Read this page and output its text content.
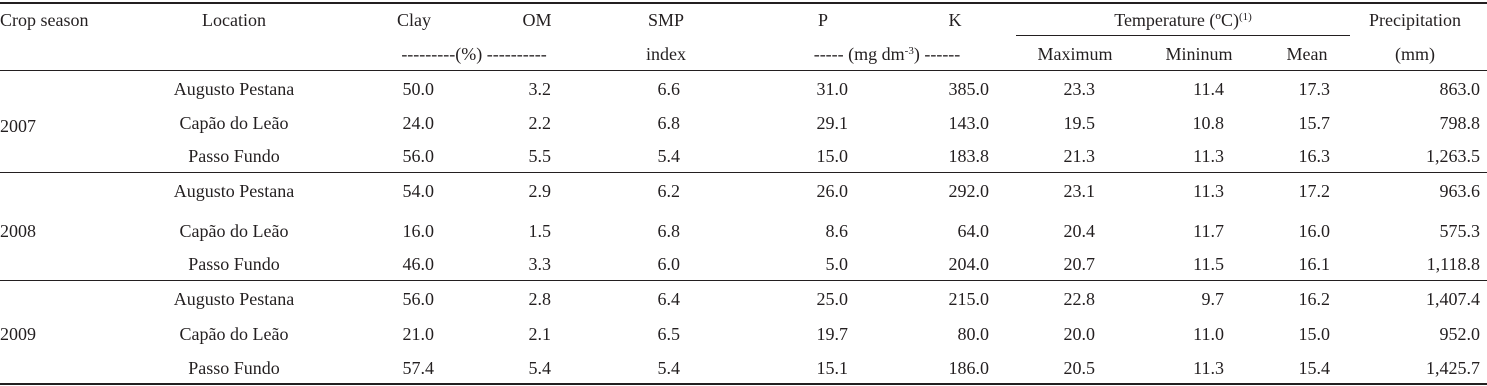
Crop season	Location	Clay	OM	SMP	P	K	Temperature (ºC)$^{(1)}$	Precipitation
---------(%) ----------	index	----- (mg $dm^{-3}$) ------	Maximum	Mininum	Mean	(mm)
2007
Augusto Pestana	50.0	3.2	6.6	31.0	385.0	23.3	11.4	17.3	863.0
Capão do Leão	24.0	2.2	6.8	29.1	143.0	19.5	10.8	15.7	798.8
Passo Fundo	56.0	5.5	5.4	15.0	183.8	21.3	11.3	16.3	1,263.5
2008
Augusto Pestana	54.0	2.9	6.2	26.0	292.0	23.1	11.3	17.2	963.6
Capão do Leão	16.0	1.5	6.8	8.6	64.0	20.4	11.7	16.0	575.3
Passo Fundo	46.0	3.3	6.0	5.0	204.0	20.7	11.5	16.1	1,118.8
2009
Augusto Pestana	56.0	2.8	6.4	25.0	215.0	22.8	9.7	16.2	1,407.4
Capão do Leão	21.0	2.1	6.5	19.7	80.0	20.0	11.0	15.0	952.0
Passo Fundo	57.4	5.4	5.4	15.1	186.0	20.5	11.3	15.4	1,425.7
